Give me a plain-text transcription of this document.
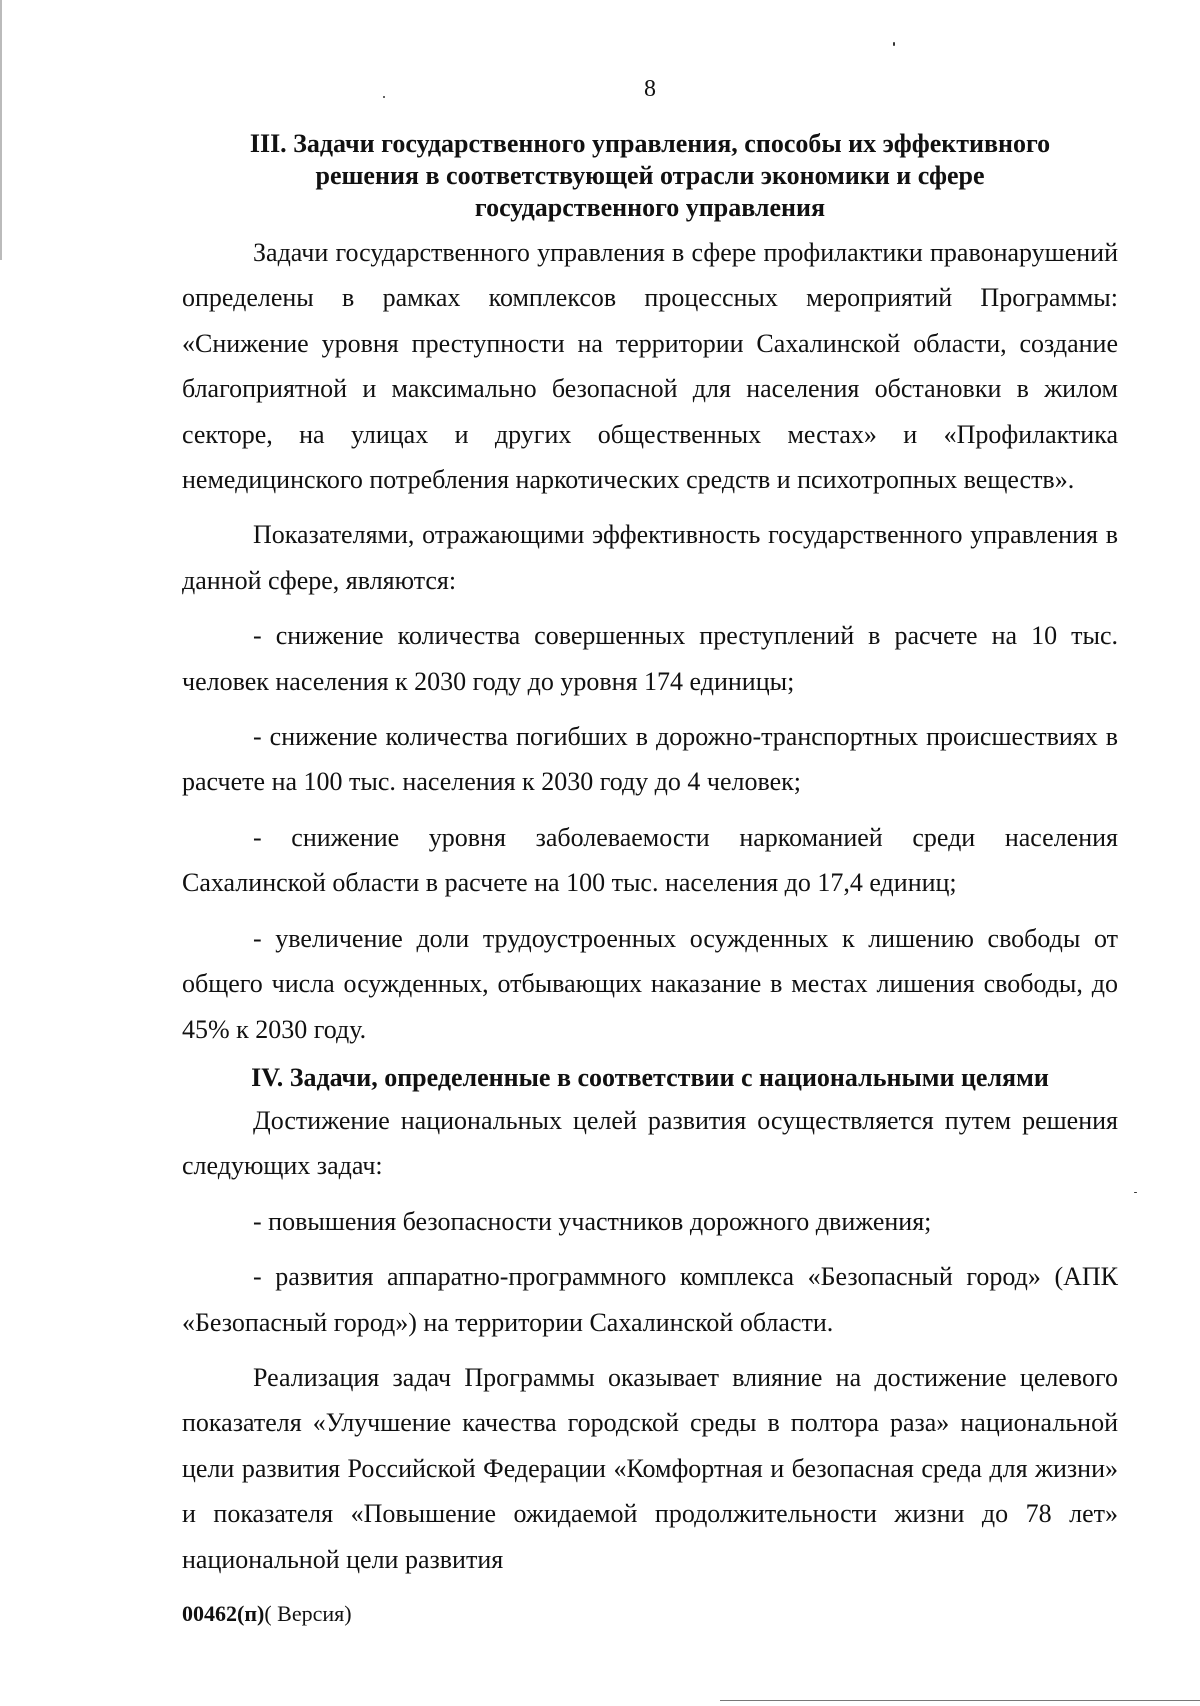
8
III. Задачи государственного управления, способы их эффективного
решения в соответствующей отрасли экономики и сфере
государственного управления

Задачи государственного управления в сфере профилактики правонарушений определены в рамках комплексов процессных мероприятий Программы: «Снижение уровня преступности на территории Сахалинской области, создание благоприятной и максимально безопасной для населения обстановки в жилом секторе, на улицах и других общественных местах» и «Профилактика немедицинского потребления наркотических средств и психотропных веществ».

Показателями, отражающими эффективность государственного управления в данной сфере, являются:

- снижение количества совершенных преступлений в расчете на 10 тыс. человек населения к 2030 году до уровня 174 единицы;

- снижение количества погибших в дорожно-транспортных происшествиях в расчете на 100 тыс. населения к 2030 году до 4 человек;

- снижение уровня заболеваемости наркоманией среди населения Сахалинской области в расчете на 100 тыс. населения до 17,4 единиц;

- увеличение доли трудоустроенных осужденных к лишению свободы от общего числа осужденных, отбывающих наказание в местах лишения свободы, до 45% к 2030 году.

IV. Задачи, определенные в соответствии с национальными целями

Достижение национальных целей развития осуществляется путем решения следующих задач:

- повышения безопасности участников дорожного движения;

- развития аппаратно-программного комплекса «Безопасный город» (АПК «Безопасный город») на территории Сахалинской области.

Реализация задач Программы оказывает влияние на достижение целевого показателя «Улучшение качества городской среды в полтора раза» национальной цели развития Российской Федерации «Комфортная и безопасная среда для жизни» и показателя «Повышение ожидаемой продолжительности жизни до 78 лет» национальной цели развития

00462(п)( Версия)
